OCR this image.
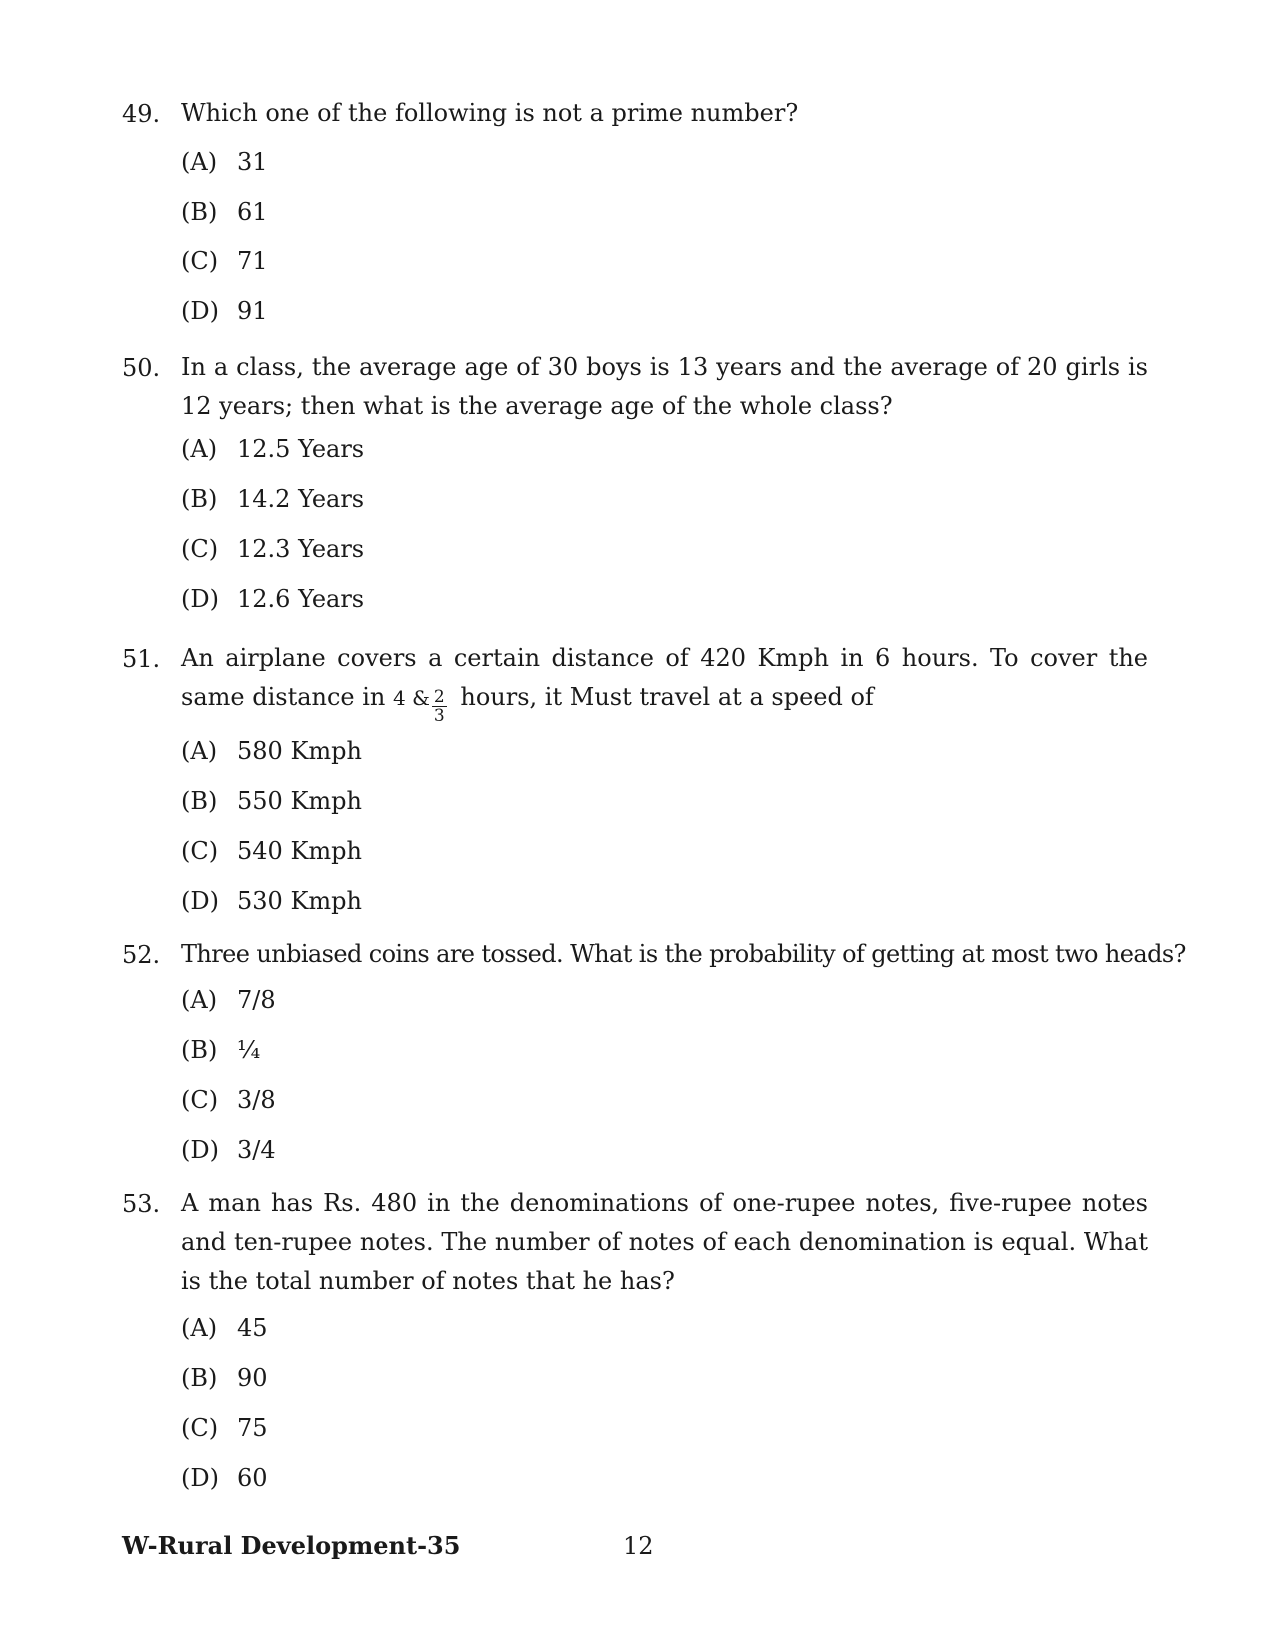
49. Which one of the following is not a prime number?
(A) 31
(B) 61
(C) 71
(D) 91
50. In a class, the average age of 30 boys is 13 years and the average of 20 girls is 12 years; then what is the average age of the whole class?
(A) 12.5 Years
(B) 14.2 Years
(C) 12.3 Years
(D) 12.6 Years
51. An airplane covers a certain distance of 420 Kmph in 6 hours. To cover the same distance in 4 & $\frac{2}{3}$ hours, it Must travel at a speed of
(A) 580 Kmph
(B) 550 Kmph
(C) 540 Kmph
(D) 530 Kmph
52. Three unbiased coins are tossed. What is the probability of getting at most two heads?
(A) 7/8
(B) ¼
(C) 3/8
(D) 3/4
53. A man has Rs. 480 in the denominations of one-rupee notes, five-rupee notes and ten-rupee notes. The number of notes of each denomination is equal. What is the total number of notes that he has?
(A) 45
(B) 90
(C) 75
(D) 60
W-Rural Development-35	12
